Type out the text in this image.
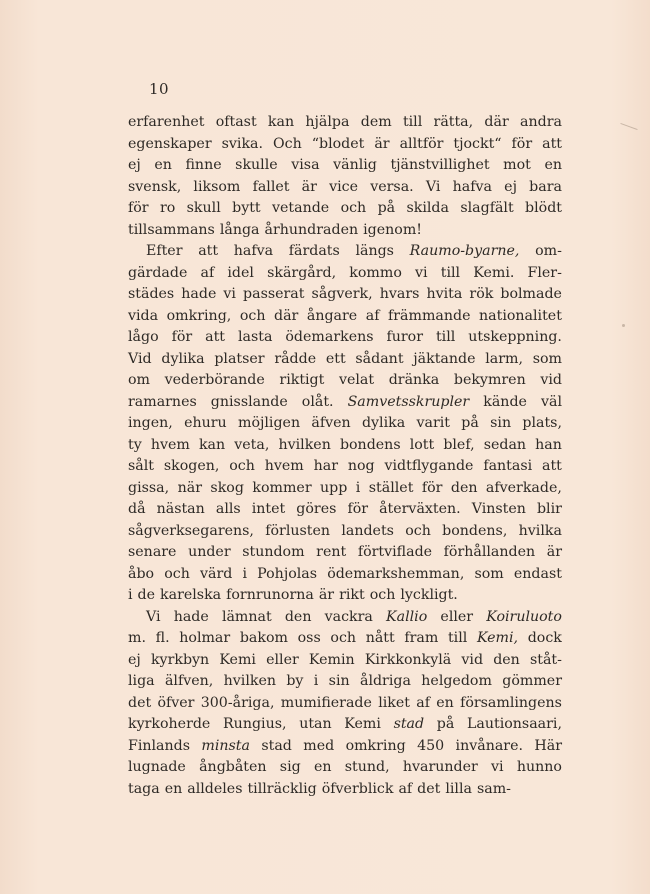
10
erfarenhet oftast kan hjälpa dem till rätta, där andra
egenskaper svika. Och “blodet är alltför tjockt“ för att
ej en finne skulle visa vänlig tjänstvillighet mot en
svensk, liksom fallet är vice versa. Vi hafva ej bara
för ro skull bytt vetande och på skilda slagfält blödt
tillsammans långa århundraden igenom!
Efter att hafva färdats längs Raumo-byarne, om-
gärdade af idel skärgård, kommo vi till Kemi. Fler-
städes hade vi passerat sågverk, hvars hvita rök bolmade
vida omkring, och där ångare af främmande nationalitet
lågo för att lasta ödemarkens furor till utskeppning.
Vid dylika platser rådde ett sådant jäktande larm, som
om vederbörande riktigt velat dränka bekymren vid
ramarnes gnisslande olåt. Samvetsskrupler kände väl
ingen, ehuru möjligen äfven dylika varit på sin plats,
ty hvem kan veta, hvilken bondens lott blef, sedan han
sålt skogen, och hvem har nog vidtflygande fantasi att
gissa, när skog kommer upp i stället för den afverkade,
då nästan alls intet göres för återväxten. Vinsten blir
sågverksegarens, förlusten landets och bondens, hvilka
senare under stundom rent förtviflade förhållanden är
åbo och värd i Pohjolas ödemarkshemman, som endast
i de karelska fornrunorna är rikt och lyckligt.
Vi hade lämnat den vackra Kallio eller Koiruluoto
m. fl. holmar bakom oss och nått fram till Kemi, dock
ej kyrkbyn Kemi eller Kemin Kirkkonkylä vid den ståt-
liga älfven, hvilken by i sin åldriga helgedom gömmer
det öfver 300-åriga, mumifierade liket af en församlingens
kyrkoherde Rungius, utan Kemi stad på Lautionsaari,
Finlands minsta stad med omkring 450 invånare. Här
lugnade ångbåten sig en stund, hvarunder vi hunno
taga en alldeles tillräcklig öfverblick af det lilla sam-
